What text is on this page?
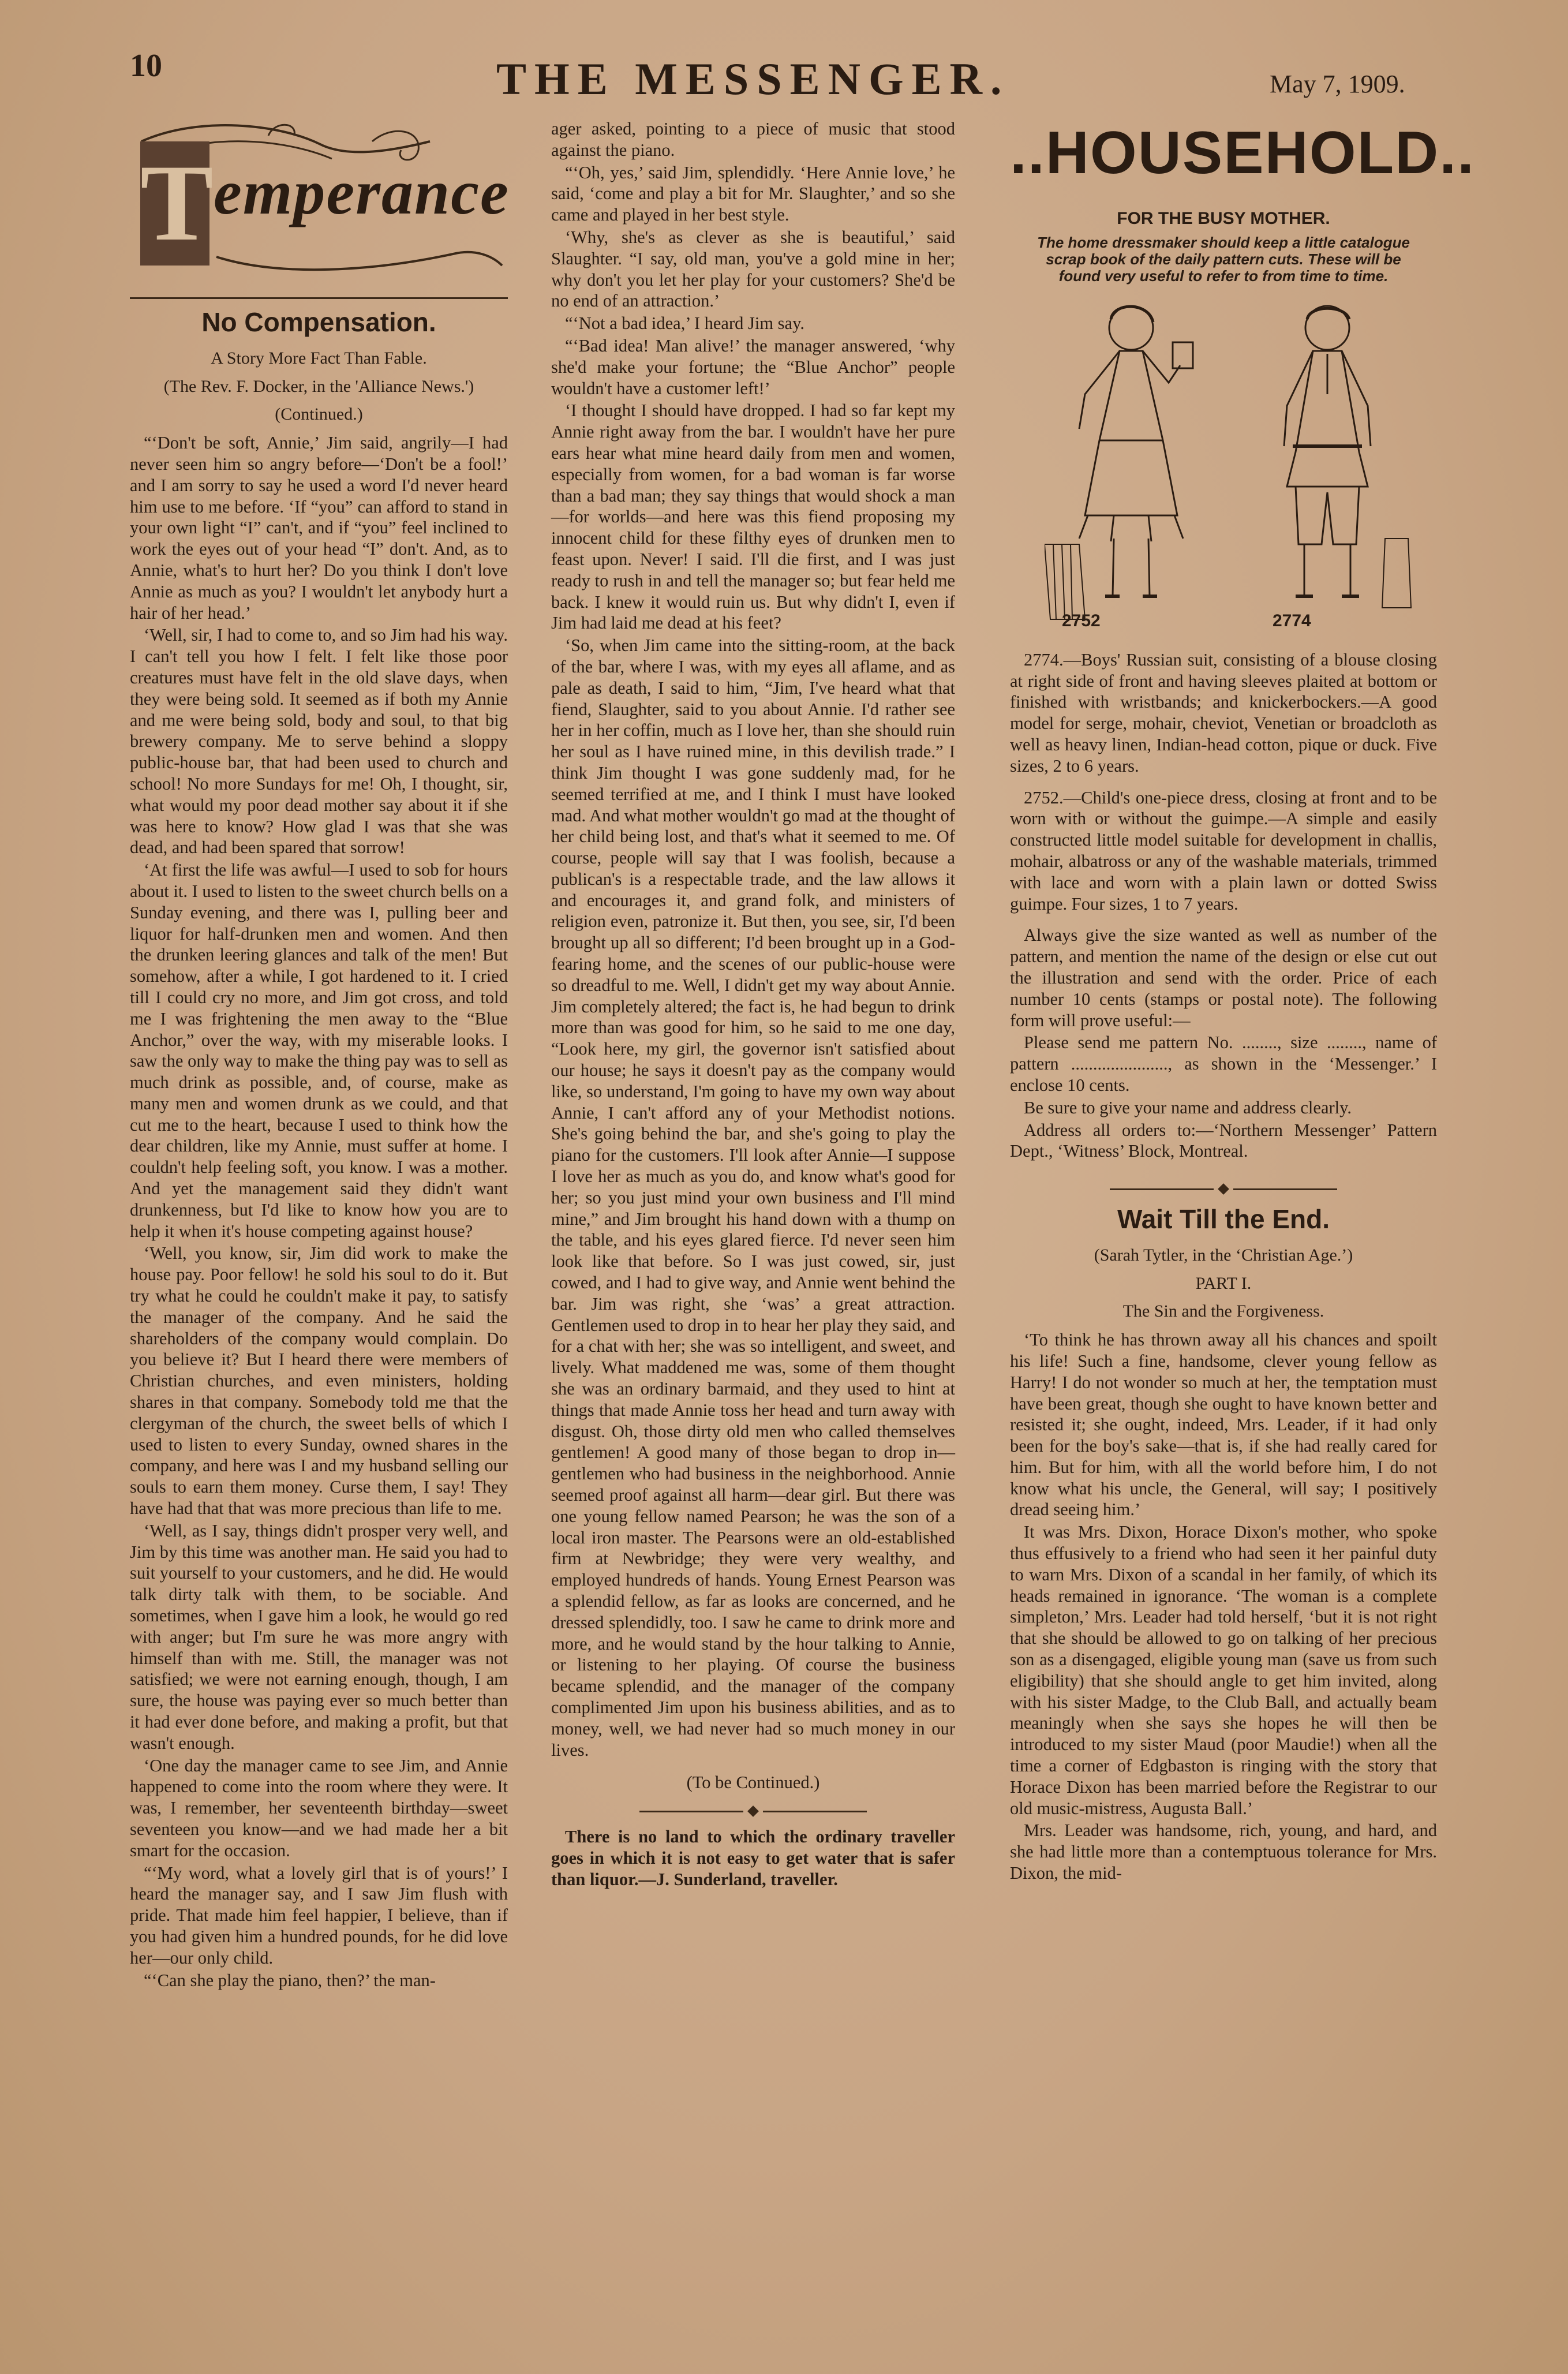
10	THE MESSENGER.	May 7, 1909.
T emperance
No Compensation.
A Story More Fact Than Fable.
(The Rev. F. Docker, in the 'Alliance News.')
(Continued.)

“‘Don't be soft, Annie,’ Jim said, angrily—I had never seen him so angry before—‘Don't be a fool!’ and I am sorry to say he used a word I'd never heard him use to me before. ‘If “you” can afford to stand in your own light “I” can't, and if “you” feel inclined to work the eyes out of your head “I” don't. And, as to Annie, what's to hurt her? Do you think I don't love Annie as much as you? I wouldn't let anybody hurt a hair of her head.’

‘Well, sir, I had to come to, and so Jim had his way. I can't tell you how I felt. I felt like those poor creatures must have felt in the old slave days, when they were being sold. It seemed as if both my Annie and me were being sold, body and soul, to that big brewery company. Me to serve behind a sloppy public-house bar, that had been used to church and school! No more Sundays for me! Oh, I thought, sir, what would my poor dead mother say about it if she was here to know? How glad I was that she was dead, and had been spared that sorrow!

‘At first the life was awful—I used to sob for hours about it. I used to listen to the sweet church bells on a Sunday evening, and there was I, pulling beer and liquor for half-drunken men and women. And then the drunken leering glances and talk of the men! But somehow, after a while, I got hardened to it. I cried till I could cry no more, and Jim got cross, and told me I was frightening the men away to the “Blue Anchor,” over the way, with my miserable looks. I saw the only way to make the thing pay was to sell as much drink as possible, and, of course, make as many men and women drunk as we could, and that cut me to the heart, because I used to think how the dear children, like my Annie, must suffer at home. I couldn't help feeling soft, you know. I was a mother. And yet the management said they didn't want drunkenness, but I'd like to know how you are to help it when it's house competing against house?

‘Well, you know, sir, Jim did work to make the house pay. Poor fellow! he sold his soul to do it. But try what he could he couldn't make it pay, to satisfy the manager of the company. And he said the shareholders of the company would complain. Do you believe it? But I heard there were members of Christian churches, and even ministers, holding shares in that company. Somebody told me that the clergyman of the church, the sweet bells of which I used to listen to every Sunday, owned shares in the company, and here was I and my husband selling our souls to earn them money. Curse them, I say! They have had that that was more precious than life to me.

‘Well, as I say, things didn't prosper very well, and Jim by this time was another man. He said you had to suit yourself to your customers, and he did. He would talk dirty talk with them, to be sociable. And sometimes, when I gave him a look, he would go red with anger; but I'm sure he was more angry with himself than with me. Still, the manager was not satisfied; we were not earning enough, though, I am sure, the house was paying ever so much better than it had ever done before, and making a profit, but that wasn't enough.

‘One day the manager came to see Jim, and Annie happened to come into the room where they were. It was, I remember, her seventeenth birthday—sweet seventeen you know—and we had made her a bit smart for the occasion.

“‘My word, what a lovely girl that is of yours!’ I heard the manager say, and I saw Jim flush with pride. That made him feel happier, I believe, than if you had given him a hundred pounds, for he did love her—our only child.

“‘Can she play the piano, then?’ the man-

ager asked, pointing to a piece of music that stood against the piano.

“‘Oh, yes,’ said Jim, splendidly. ‘Here Annie love,’ he said, ‘come and play a bit for Mr. Slaughter,’ and so she came and played in her best style.

‘Why, she's as clever as she is beautiful,’ said Slaughter. “I say, old man, you've a gold mine in her; why don't you let her play for your customers? She'd be no end of an attraction.’

“‘Not a bad idea,’ I heard Jim say.

“‘Bad idea! Man alive!’ the manager answered, ‘why she'd make your fortune; the “Blue Anchor” people wouldn't have a customer left!’

‘I thought I should have dropped. I had so far kept my Annie right away from the bar. I wouldn't have her pure ears hear what mine heard daily from men and women, especially from women, for a bad woman is far worse than a bad man; they say things that would shock a man—for worlds—and here was this fiend proposing my innocent child for these filthy eyes of drunken men to feast upon. Never! I said. I'll die first, and I was just ready to rush in and tell the manager so; but fear held me back. I knew it would ruin us. But why didn't I, even if Jim had laid me dead at his feet?

‘So, when Jim came into the sitting-room, at the back of the bar, where I was, with my eyes all aflame, and as pale as death, I said to him, “Jim, I've heard what that fiend, Slaughter, said to you about Annie. I'd rather see her in her coffin, much as I love her, than she should ruin her soul as I have ruined mine, in this devilish trade.” I think Jim thought I was gone suddenly mad, for he seemed terrified at me, and I think I must have looked mad. And what mother wouldn't go mad at the thought of her child being lost, and that's what it seemed to me. Of course, people will say that I was foolish, because a publican's is a respectable trade, and the law allows it and encourages it, and grand folk, and ministers of religion even, patronize it. But then, you see, sir, I'd been brought up all so different; I'd been brought up in a God-fearing home, and the scenes of our public-house were so dreadful to me. Well, I didn't get my way about Annie. Jim completely altered; the fact is, he had begun to drink more than was good for him, so he said to me one day, “Look here, my girl, the governor isn't satisfied about our house; he says it doesn't pay as the company would like, so understand, I'm going to have my own way about Annie, I can't afford any of your Methodist notions. She's going behind the bar, and she's going to play the piano for the customers. I'll look after Annie—I suppose I love her as much as you do, and know what's good for her; so you just mind your own business and I'll mind mine,” and Jim brought his hand down with a thump on the table, and his eyes glared fierce. I'd never seen him look like that before. So I was just cowed, sir, just cowed, and I had to give way, and Annie went behind the bar. Jim was right, she ‘was’ a great attraction. Gentlemen used to drop in to hear her play they said, and for a chat with her; she was so intelligent, and sweet, and lively. What maddened me was, some of them thought she was an ordinary barmaid, and they used to hint at things that made Annie toss her head and turn away with disgust. Oh, those dirty old men who called themselves gentlemen! A good many of those began to drop in—gentlemen who had business in the neighborhood. Annie seemed proof against all harm—dear girl. But there was one young fellow named Pearson; he was the son of a local iron master. The Pearsons were an old-established firm at Newbridge; they were very wealthy, and employed hundreds of hands. Young Ernest Pearson was a splendid fellow, as far as looks are concerned, and he dressed splendidly, too. I saw he came to drink more and more, and he would stand by the hour talking to Annie, or listening to her playing. Of course the business became splendid, and the manager of the company complimented Jim upon his business abilities, and as to money, well, we had never had so much money in our lives.

(To be Continued.)

There is no land to which the ordinary traveller goes in which it is not easy to get water that is safer than liquor.—J. Sunderland, traveller.

..HOUSEHOLD..
FOR THE BUSY MOTHER.
The home dressmaker should keep a little catalogue scrap book of the daily pattern cuts. These will be found very useful to refer to from time to time.
2752	2774

2774.—Boys' Russian suit, consisting of a blouse closing at right side of front and having sleeves plaited at bottom or finished with wristbands; and knickerbockers.—A good model for serge, mohair, cheviot, Venetian or broadcloth as well as heavy linen, Indian-head cotton, pique or duck. Five sizes, 2 to 6 years.

2752.—Child's one-piece dress, closing at front and to be worn with or without the guimpe.—A simple and easily constructed little model suitable for development in challis, mohair, albatross or any of the washable materials, trimmed with lace and worn with a plain lawn or dotted Swiss guimpe. Four sizes, 1 to 7 years.

Always give the size wanted as well as number of the pattern, and mention the name of the design or else cut out the illustration and send with the order. Price of each number 10 cents (stamps or postal note). The following form will prove useful:—

Please send me pattern No. ........, size ........, name of pattern ......................, as shown in the ‘Messenger.’ I enclose 10 cents.

Be sure to give your name and address clearly.

Address all orders to:—‘Northern Messenger’ Pattern Dept., ‘Witness’ Block, Montreal.

Wait Till the End.
(Sarah Tytler, in the ‘Christian Age.’)
PART I.
The Sin and the Forgiveness.

‘To think he has thrown away all his chances and spoilt his life! Such a fine, handsome, clever young fellow as Harry! I do not wonder so much at her, the temptation must have been great, though she ought to have known better and resisted it; she ought, indeed, Mrs. Leader, if it had only been for the boy's sake—that is, if she had really cared for him. But for him, with all the world before him, I do not know what his uncle, the General, will say; I positively dread seeing him.’

It was Mrs. Dixon, Horace Dixon's mother, who spoke thus effusively to a friend who had seen it her painful duty to warn Mrs. Dixon of a scandal in her family, of which its heads remained in ignorance. ‘The woman is a complete simpleton,’ Mrs. Leader had told herself, ‘but it is not right that she should be allowed to go on talking of her precious son as a disengaged, eligible young man (save us from such eligibility) that she should angle to get him invited, along with his sister Madge, to the Club Ball, and actually beam meaningly when she says she hopes he will then be introduced to my sister Maud (poor Maudie!) when all the time a corner of Edgbaston is ringing with the story that Horace Dixon has been married before the Registrar to our old music-mistress, Augusta Ball.’

Mrs. Leader was handsome, rich, young, and hard, and she had little more than a contemptuous tolerance for Mrs. Dixon, the mid-
